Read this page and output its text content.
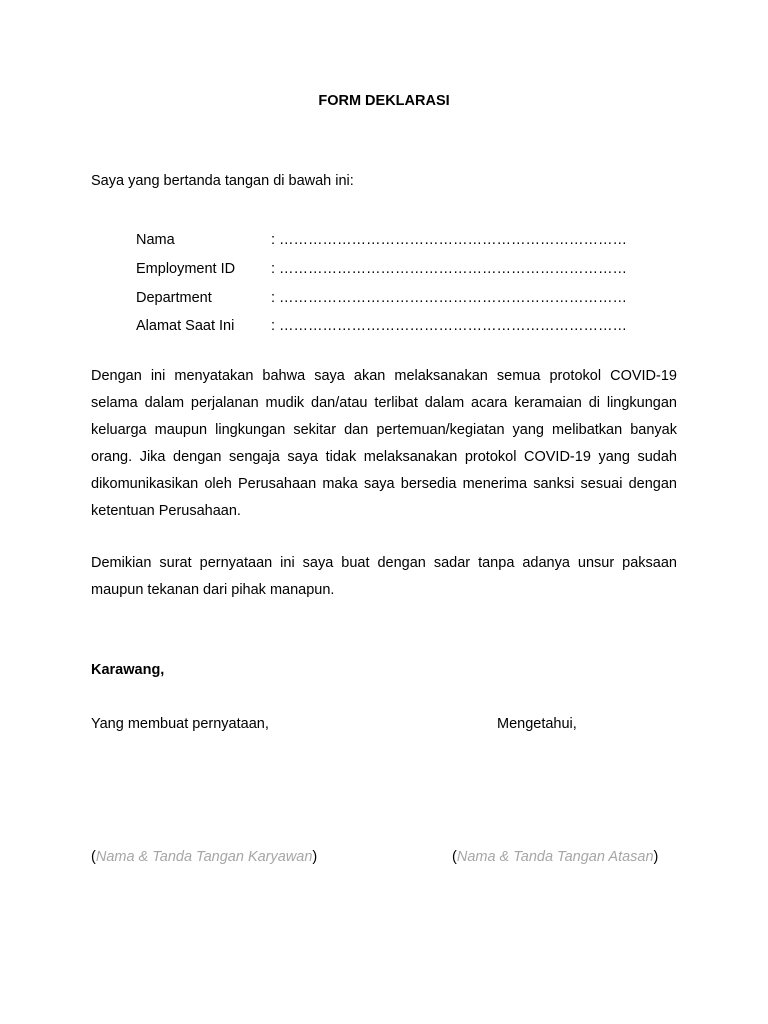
FORM DEKLARASI
Saya yang bertanda tangan di bawah ini:
Nama	: ………………………………………………………………
Employment ID	: ………………………………………………………………
Department	: ………………………………………………………………
Alamat Saat Ini	: ………………………………………………………………
Dengan ini menyatakan bahwa saya akan melaksanakan semua protokol COVID-19 selama dalam perjalanan mudik dan/atau terlibat dalam acara keramaian di lingkungan keluarga maupun lingkungan sekitar dan pertemuan/kegiatan yang melibatkan banyak orang. Jika dengan sengaja saya tidak melaksanakan protokol COVID-19 yang sudah dikomunikasikan oleh Perusahaan maka saya bersedia menerima sanksi sesuai dengan ketentuan Perusahaan.
Demikian surat pernyataan ini saya buat dengan sadar tanpa adanya unsur paksaan maupun tekanan dari pihak manapun.
Karawang,
Yang membuat pernyataan,	Mengetahui,
(Nama & Tanda Tangan Karyawan)	(Nama & Tanda Tangan Atasan)
